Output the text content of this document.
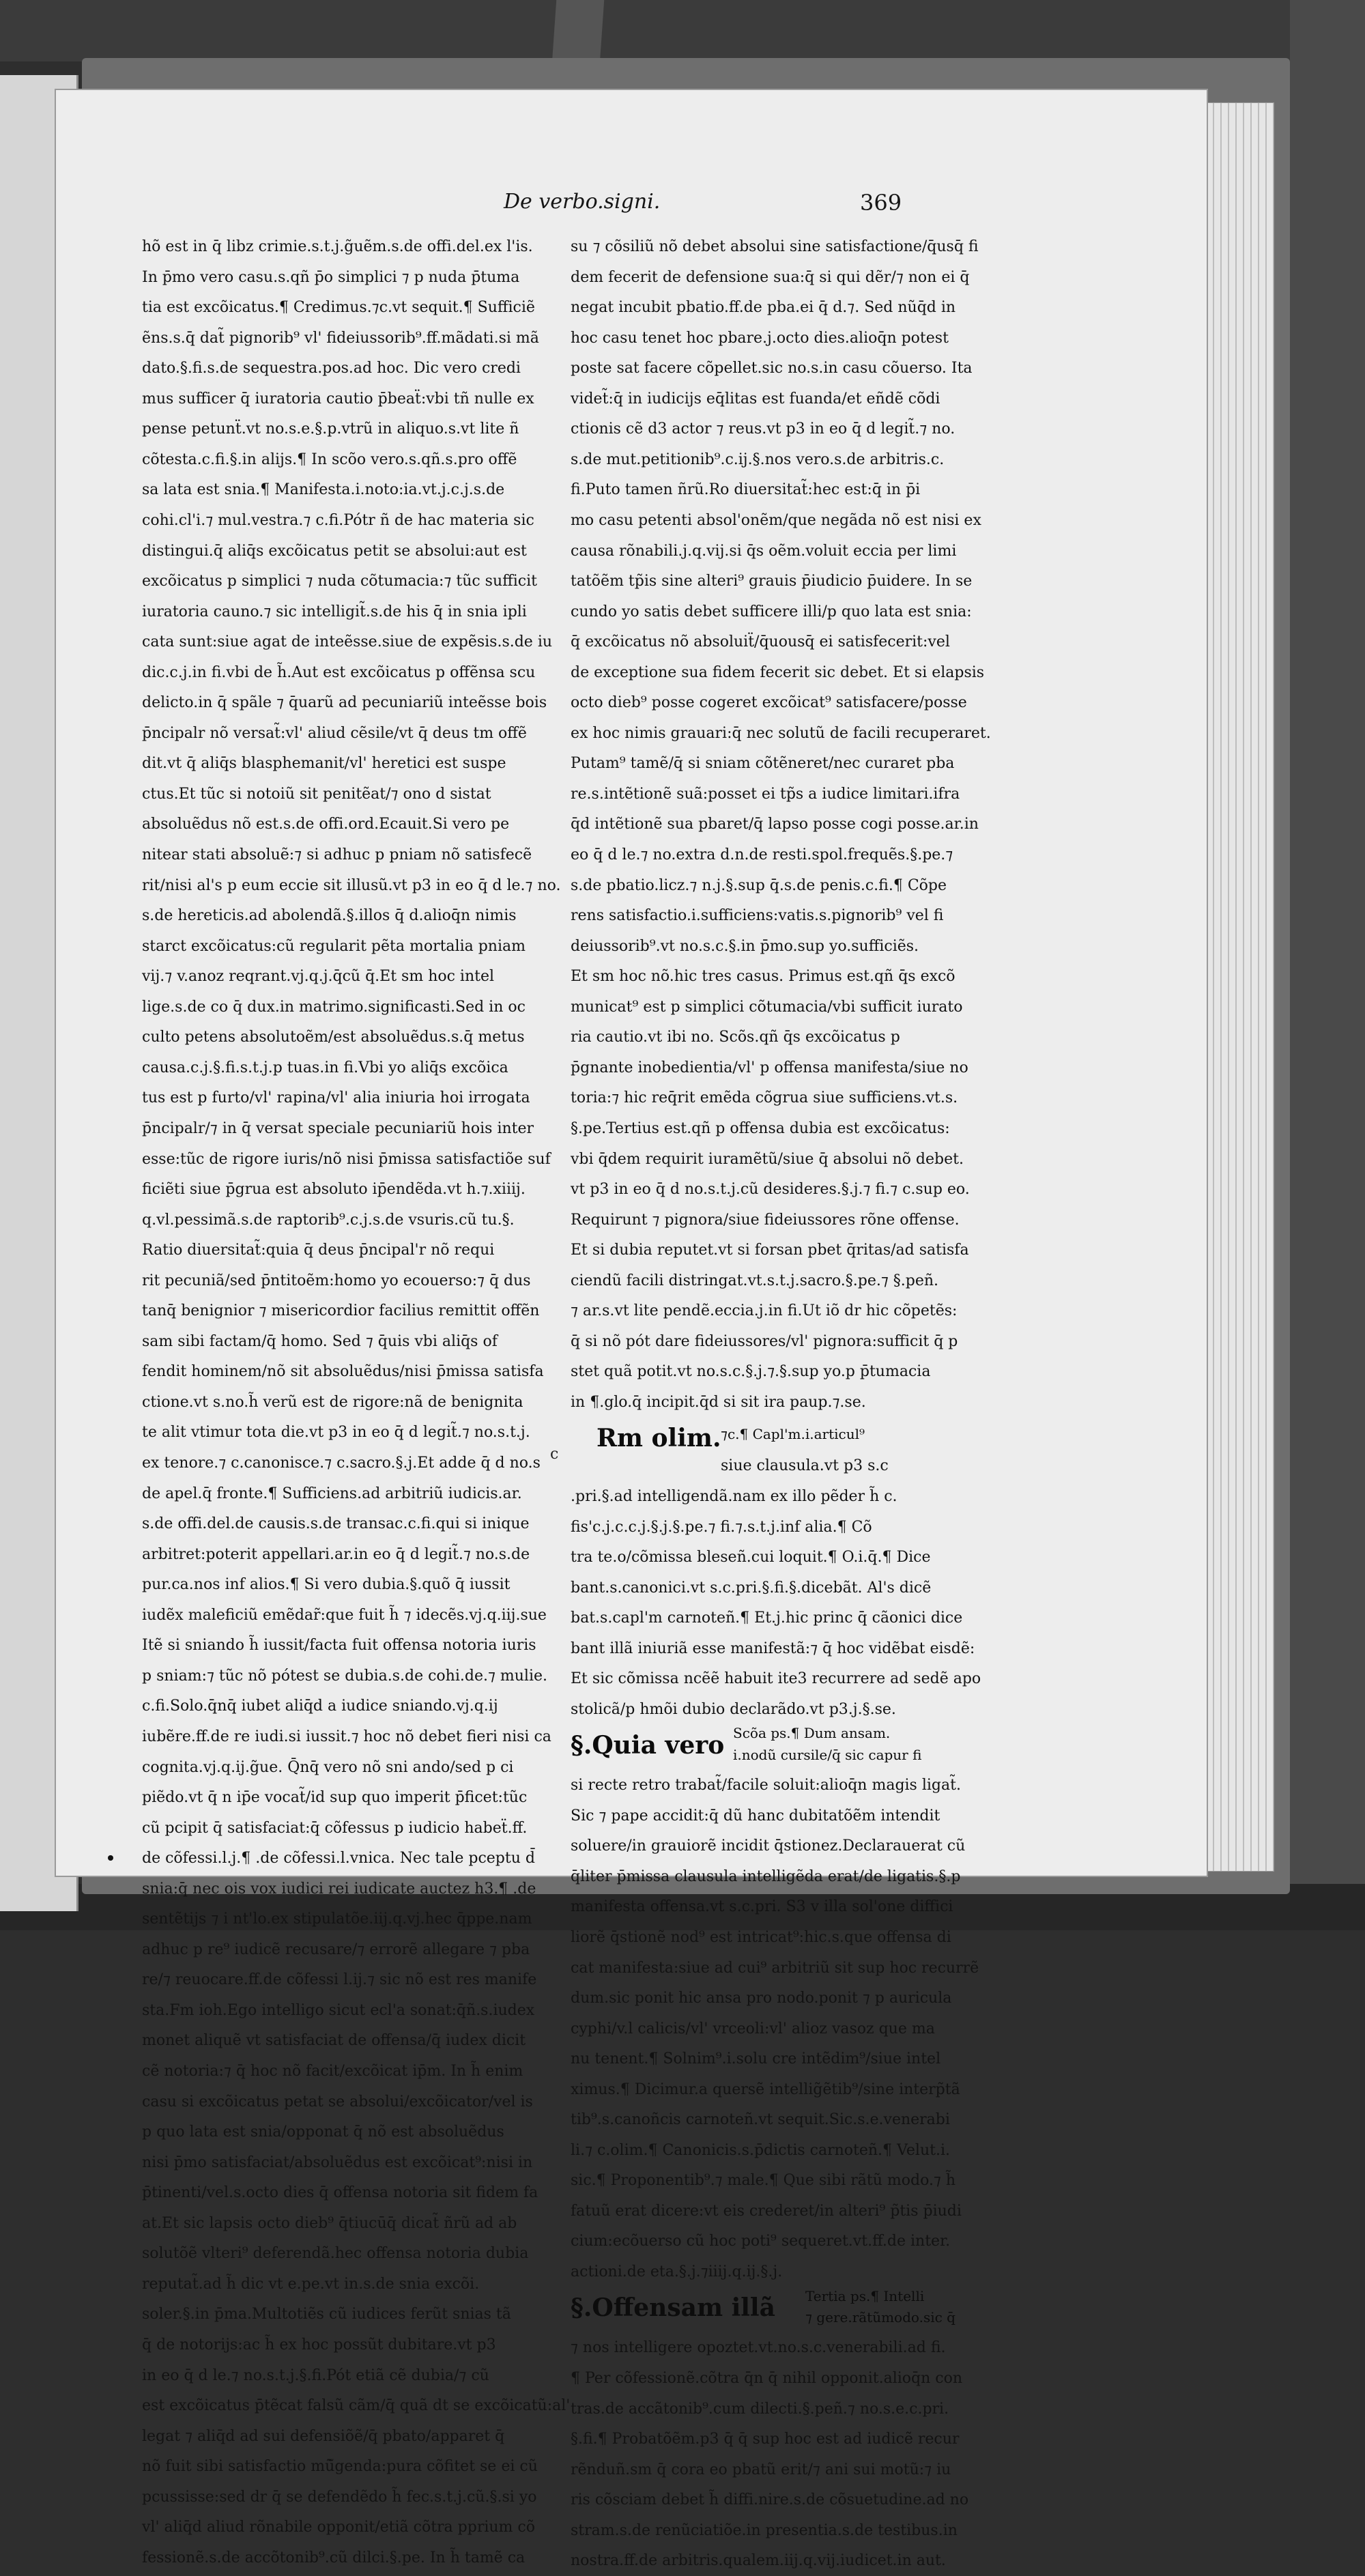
De verbo.signi.	369
hõ est in q̄ libz crimie.s.t.j.g̃uẽm.s.de offi.del.ex l'is.
In p̄mo vero casu.s.qñ p̄o simplici ⁊ p nuda p̄tuma
tia est excõicatus.¶ Credimus.⁊c.vt sequit.¶ Sufficiẽ
ẽns.s.q̄ dat̃ pignorib⁹ vl' fideiussorib⁹.ff.mãdati.si mã
dato.§.fi.s.de sequestra.pos.ad hoc. Dic vero credi
mus sufficer q̄ iuratoria cautio p̄beaẗ:vbi tñ nulle ex
pense petunẗ.vt no.s.e.§.p.vtrũ in aliquo.s.vt lite ñ
cõtesta.c.fi.§.in alijs.¶ In scõo vero.s.qñ.s.pro offẽ
sa lata est snia.¶ Manifesta.i.noto:ia.vt.j.c.j.s.de
cohi.cl'i.⁊ mul.vestra.⁊ c.fi.Pótr ñ de hac materia sic
distingui.q̄ aliq̄s excõicatus petit se absolui:aut est
excõicatus p simplici ⁊ nuda cõtumacia:⁊ tũc sufficit
iuratoria cauno.⁊ sic intelligit̃.s.de his q̄ in snia ipli
cata sunt:siue agat de inteẽsse.siue de expẽsis.s.de iu
dic.c.j.in fi.vbi de h̃.Aut est excõicatus p offẽnsa scu
delicto.in q̄ spãle ⁊ q̄uarũ ad pecuniariũ inteẽsse bois
p̄ncipalr nõ versat̃:vl' aliud cẽsile/vt q̄ deus tm offẽ
dit.vt q̄ aliq̄s blasphemanit/vl' heretici est suspe
ctus.Et tũc si notoiũ sit penitẽat/⁊ ono d sistat
absoluẽdus nõ est.s.de offi.ord.Ecauit.Si vero pe
nitear stati absoluẽ:⁊ si adhuc p pniam nõ satisfecẽ
rit/nisi al's p eum eccie sit illusũ.vt p3 in eo q̄ d le.⁊ no.
s.de hereticis.ad abolendã.§.illos q̄ d.alioq̄n nimis
starct excõicatus:cũ regularit pẽta mortalia pniam
vij.⁊ v.anoz reqrant.vj.q.j.q̄cũ q̄.Et sm hoc intel
lige.s.de co q̄ dux.in matrimo.significasti.Sed in oc
culto petens absolutoẽm/est absoluẽdus.s.q̄ metus
causa.c.j.§.fi.s.t.j.p tuas.in fi.Vbi yo aliq̄s excõica
tus est p furto/vl' rapina/vl' alia iniuria hoi irrogata
p̄ncipalr/⁊ in q̄ versat speciale pecuniariũ hois inter
esse:tũc de rigore iuris/nõ nisi p̄missa satisfactiõe suf
ficiẽti siue p̄grua est absoluto ip̄endẽda.vt h.⁊.xiiij.
q.vl.pessimã.s.de raptorib⁹.c.j.s.de vsuris.cũ tu.§.
Ratio diuersitat̃:quia q̄ deus p̄ncipal'r nõ requi
rit pecuniã/sed p̄ntitoẽm:homo yo ecouerso:⁊ q̄ dus
tanq̄ benignior ⁊ misericordior facilius remittit offẽn
sam sibi factam/q̄ homo. Sed ⁊ q̄uis vbi aliq̄s of
fendit hominem/nõ sit absoluẽdus/nisi p̄missa satisfa
ctione.vt s.no.h̃ verũ est de rigore:nã de benignita
te alit vtimur tota die.vt p3 in eo q̄ d legit̃.⁊ no.s.t.j.
ex tenore.⁊ c.canonisce.⁊ c.sacro.§.j.Et adde q̄ d no.s
de apel.q̄ fronte.¶ Sufficiens.ad arbitriũ iudicis.ar.
s.de offi.del.de causis.s.de transac.c.fi.qui si inique
arbitret:poterit appellari.ar.in eo q̄ d legit̃.⁊ no.s.de
pur.ca.nos inf alios.¶ Si vero dubia.§.quõ q̄ iussit
iudẽx maleficiũ emẽdar̃:que fuit h̃ ⁊ idecẽs.vj.q.iij.sue
Itẽ si sniando h̃ iussit/facta fuit offensa notoria iuris
p sniam:⁊ tũc nõ pótest se dubia.s.de cohi.de.⁊ mulie.
c.fi.Solo.q̄nq̄ iubet aliq̄d a iudice sniando.vj.q.ij
iubẽre.ff.de re iudi.si iussit.⁊ hoc nõ debet fieri nisi ca
cognita.vj.q.ij.g̃ue. Q̄nq̄ vero nõ sni ando/sed p ci
piẽdo.vt q̄ n ip̄e vocat̃/id sup quo imperit p̄ficet:tũc
cũ pcipit q̄ satisfaciat:q̄ cõfessus p iudicio habeẗ.ff.
de cõfessi.l.j.¶ .de cõfessi.l.vnica. Nec tale pceptu d̄
snia:q̄ nec ois vox iudici rei iudicate auctez h3.¶ .de
sentẽtijs ⁊ i nt'lo.ex stipulatõe.iij.q.vj.hec q̄ppe.nam
adhuc p re⁹ iudicẽ recusare/⁊ errorẽ allegare ⁊ pba
re/⁊ reuocare.ff.de cõfessi l.ij.⁊ sic nõ est res manife
sta.Fm ioh.Ego intelligo sicut ecl'a sonat:q̄ñ.s.iudex
monet aliquẽ vt satisfaciat de offensa/q̄ iudex dicit
cẽ notoria:⁊ q̄ hoc nõ facit/excõicat ip̄m. In h̃ enim
casu si excõicatus petat se absolui/excõicator/vel is
p quo lata est snia/opponat q̄ nõ est absoluẽdus
nisi p̄mo satisfaciat/absoluẽdus est excõicat⁹:nisi in
p̄tinenti/vel.s.octo dies q̄ offensa notoria sit fidem fa
at.Et sic lapsis octo dieb⁹ q̄tiucūq̄ dicat̃ ñrũ ad ab
solutõẽ vlteri⁹ deferendã.hec offensa notoria dubia
reputat̃.ad h̃ dic vt e.pe.vt in.s.de snia excõi.
soler.§.in p̄ma.Multotiẽs cũ iudices ferũt snias tã
q̄ de notorijs:ac h̃ ex hoc possũt dubitare.vt p3
in eo q̄ d le.⁊ no.s.t.j.§.fi.Pót etiã cẽ dubia/⁊ cũ
est excõicatus p̄tẽcat falsũ cãm/q̄ quã dt se excõicatũ:al'
legat ⁊ aliq̄d ad sui defensiõẽ/q̄ pbato/apparet q̄
nõ fuit sibi satisfactio mũ̃genda:pura cõfitet se ei cũ
pcussisse:sed dr q̄ se defendẽdo h̃ fec.s.t.j.cũ.§.si yo
vl' aliq̄d aliud rõnabile opponit/etiã cõtra pprium cõ
fessionẽ.s.de accõtonib⁹.cũ dilci.§.pe. In h̃ tamẽ ca
su ⁊ cõsiliũ nõ debet absolui sine satisfactione/q̄usq̄ fi
dem fecerit de defensione sua:q̄ si qui dẽr/⁊ non ei q̄
negat incubit pbatio.ff.de pba.ei q̄ d.⁊. Sed nũq̄d in
hoc casu tenet hoc pbare.j.octo dies.alioq̄n potest
poste sat facere cõpellet.sic no.s.in casu cõuerso. Ita
videt̃:q̄ in iudicijs eq̄litas est fuanda/et eñdẽ cõdi
ctionis cẽ d3 actor ⁊ reus.vt p3 in eo q̄ d legit̃.⁊ no.
s.de mut.petitionib⁹.c.ij.§.nos vero.s.de arbitris.c.
fi.Puto tamen ñrũ.Ro diuersitat̃:hec est:q̄ in p̄i
mo casu petenti absol'onẽm/que negãda nõ est nisi ex
causa rõnabili.j.q.vij.si q̄s oẽm.voluit eccia per limi
tatõẽm tp̃is sine alteri⁹ grauis p̄iudicio p̄uidere. In se
cundo yo satis debet sufficere illi/p quo lata est snia:
q̄ excõicatus nõ absoluiẗ/q̄uousq̄ ei satisfecerit:vel
de exceptione sua fidem fecerit sic debet. Et si elapsis
octo dieb⁹ posse cogeret excõicat⁹ satisfacere/posse
ex hoc nimis grauari:q̄ nec solutũ de facili recuperaret.
Putam⁹ tamẽ/q̄ si sniam cõtẽneret/nec curaret pba
re.s.intẽtionẽ suã:posset ei tp̃s a iudice limitari.ifra
q̄d intẽtionẽ sua pbaret/q̄ lapso posse cogi posse.ar.in
eo q̄ d le.⁊ no.extra d.n.de resti.spol.frequẽs.§.pe.⁊
s.de pbatio.licz.⁊ n.j.§.sup q̄.s.de penis.c.fi.¶ Cõpe
rens satisfactio.i.sufficiens:vatis.s.pignorib⁹ vel fi
deiussorib⁹.vt no.s.c.§.in p̄mo.sup yo.sufficiẽs.
Et sm hoc nõ.hic tres casus. Primus est.qñ q̄s excõ
municat⁹ est p simplici cõtumacia/vbi sufficit iurato
ria cautio.vt ibi no. Scõs.qñ q̄s excõicatus p
p̄gnante inobedientia/vl' p offensa manifesta/siue no
toria:⁊ hic req̄rit emẽda cõgrua siue sufficiens.vt.s.
§.pe.Tertius est.qñ p offensa dubia est excõicatus:
vbi q̄dem requirit iuramẽtũ/siue q̄ absolui nõ debet.
vt p3 in eo q̄ d no.s.t.j.cũ desideres.§.j.⁊ fi.⁊ c.sup eo.
Requirunt ⁊ pignora/siue fideiussores rõne offense.
Et si dubia reputet.vt si forsan pbet q̄ritas/ad satisfa
ciendũ facili distringat.vt.s.t.j.sacro.§.pe.⁊ §.peñ.
⁊ ar.s.vt lite pendẽ.eccia.j.in fi.Ut iõ dr hic cõpetẽs:
q̄ si nõ pót dare fideiussores/vl' pignora:sufficit q̄ p
stet quã potit.vt no.s.c.§.j.⁊.§.sup yo.p p̄tumacia
in ¶.glo.q̄ incipit.q̄d si sit ira paup.⁊.se.
Rm olim. ⁊c.¶ Capl'm.i.articul⁹
c
siue clausula.vt p3 s.c
.pri.§.ad intelligendã.nam ex illo pẽder h̃ c.
fis'c.j.c.c.j.§.j.§.pe.⁊ fi.⁊.s.t.j.inf alia.¶ Cõ
tra te.o/cõmissa bleseñ.cui loquit.¶ O.i.q̄.¶ Dice
bant.s.canonici.vt s.c.pri.§.fi.§.dicebãt. Al's dicẽ
bat.s.capl'm carnoteñ.¶ Et.j.hic princ q̄ cãonici dice
bant illã iniuriã esse manifestã:⁊ q̄ hoc vidẽbat eisdẽ:
Et sic cõmissa ncẽẽ habuit ite3 recurrere ad sedẽ apo
stolicã/p hmõi dubio declarãdo.vt p3.j.§.se.
§.Quia vero Scõa ps.¶ Dum ansam.
i.nodũ cursile/q̄ sic capur fi
si recte retro trabat̃/facile soluit:alioq̄n magis ligat̃.
Sic ⁊ pape accidit:q̄ dũ hanc dubitatõẽm intendit
soluere/in grauiorẽ incidit q̄stionez.Declarauerat cũ
q̄liter p̄missa clausula intelligẽda erat/de ligatis.§.p
manifesta offensa.vt s.c.pri. S3 v illa sol'one diffici
liorẽ q̄stionẽ nod⁹ est intricat⁹:hic.s.que offensa di
cat manifesta:siue ad cui⁹ arbitriũ sit sup hoc recurrẽ
dum.sic ponit hic ansa pro nodo.ponit ⁊ p auricula
cyphi/v.l calicis/vl' vrceoli:vl' alioz vasoz que ma
nu tenent.¶ Solnim⁹.i.solu cre intẽdim⁹/siue intel
ximus.¶ Dicimur.a quersẽ intellig̃ẽtib⁹/sine interp̃tã
tib⁹.s.canoñcis carnoteñ.vt sequit.Sic.s.e.venerabi
li.⁊ c.olim.¶ Canonicis.s.p̄dictis carnoteñ.¶ Velut.i.
sic.¶ Proponentib⁹.⁊ male.¶ Que sibi rãtũ modo.⁊ h̃
fatuũ erat dicere:vt eis crederet/in alteri⁹ p̃tis p̄iudi
cium:ecõuerso cũ hoc poti⁹ sequeret.vt.ff.de inter.
actioni.de eta.§.j.⁊iiij.q.ij.§.j.
§.Offensam illã Tertia ps.¶ Intelli
⁊ gere.rãtũmodo.sic q̄
⁊ nos intelligere opoztet.vt.no.s.c.venerabili.ad fi.
¶ Per cõfessionẽ.cõtra q̄n q̄ nihil opponit.alioq̄n con
tras.de accãtonib⁹.cum dilecti.§.peñ.⁊ no.s.e.c.pri.
§.fi.¶ Probatõẽm.p3 q̄ q̄ sup hoc est ad iudicẽ recur
rẽnduñ.sm q̄ cora eo pbatũ erit/⁊ ani sui motũ:⁊ iu
ris cõsciam debet h̃ diffi.nire.s.de cõsuetudine.ad no
stram.s.de renũciatiõe.in presentia.s.de testibus.in
nostra.ff.de arbitris.qualem.iij.q.vij.iudicet.in aut.
